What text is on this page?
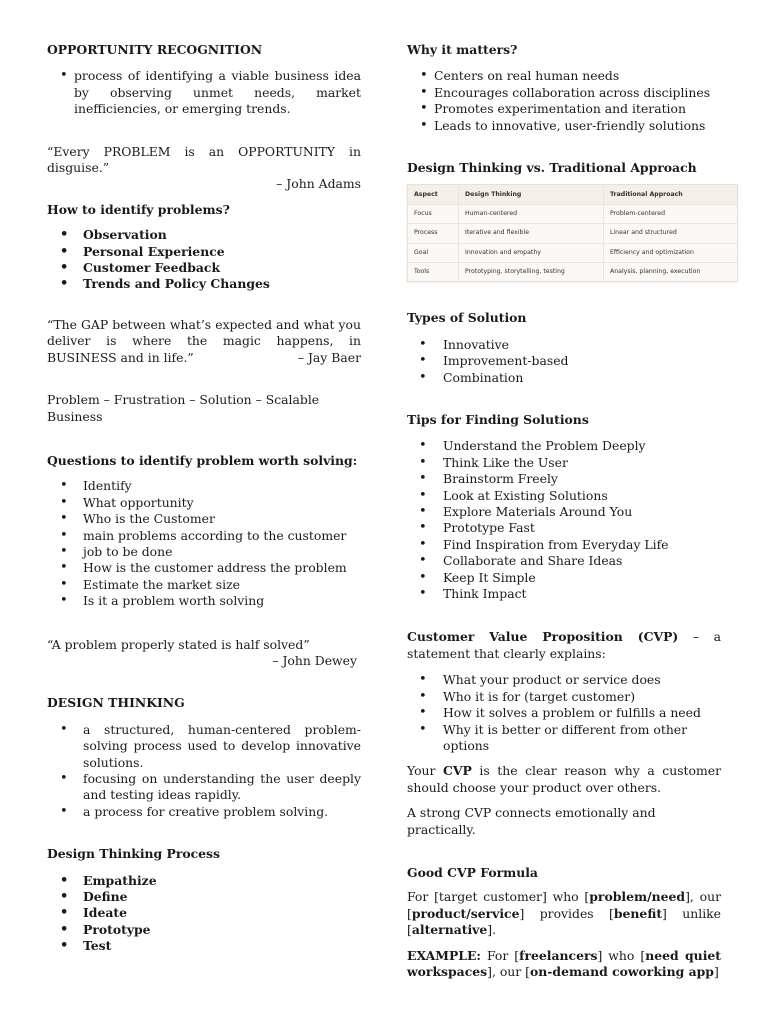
OPPORTUNITY RECOGNITION

• process of identifying a viable business idea by observing unmet needs, market inefficiencies, or emerging trends.

“Every PROBLEM is an OPPORTUNITY in disguise.”

– John Adams

How to identify problems?

• Observation
• Personal Experience
• Customer Feedback
• Trends and Policy Changes

“The GAP between what’s expected and what you deliver is where the magic happens, in BUSINESS and in life.”	– Jay Baer

Problem – Frustration – Solution – Scalable Business

Questions to identify problem worth solving:

• Identify
• What opportunity
• Who is the Customer
• main problems according to the customer
• job to be done
• How is the customer address the problem
• Estimate the market size
• Is it a problem worth solving

“A problem properly stated is half solved”

– John Dewey

DESIGN THINKING

• a structured, human-centered problem-solving process used to develop innovative solutions.
• focusing on understanding the user deeply and testing ideas rapidly.
• a process for creative problem solving.

Design Thinking Process

• Empathize
• Define
• Ideate
• Prototype
• Test

Why it matters?

• Centers on real human needs
• Encourages collaboration across disciplines
• Promotes experimentation and iteration
• Leads to innovative, user-friendly solutions

Design Thinking vs. Traditional Approach

Aspect	Design Thinking	Traditional Approach
Focus	Human-centered	Problem-centered
Process	Iterative and flexible	Linear and structured
Goal	Innovation and empathy	Efficiency and optimization
Tools	Prototyping, storytelling, testing	Analysis, planning, execution

Types of Solution

• Innovative
• Improvement-based
• Combination

Tips for Finding Solutions

• Understand the Problem Deeply
• Think Like the User
• Brainstorm Freely
• Look at Existing Solutions
• Explore Materials Around You
• Prototype Fast
• Find Inspiration from Everyday Life
• Collaborate and Share Ideas
• Keep It Simple
• Think Impact

Customer Value Proposition (CVP) – a statement that clearly explains:

• What your product or service does
• Who it is for (target customer)
• How it solves a problem or fulfills a need
• Why it is better or different from other options

Your CVP is the clear reason why a customer should choose your product over others.

A strong CVP connects emotionally and practically.

Good CVP Formula

For [target customer] who [problem/need], our [product/service] provides [benefit] unlike [alternative].

EXAMPLE: For [freelancers] who [need quiet workspaces], our [on-demand coworking app]
